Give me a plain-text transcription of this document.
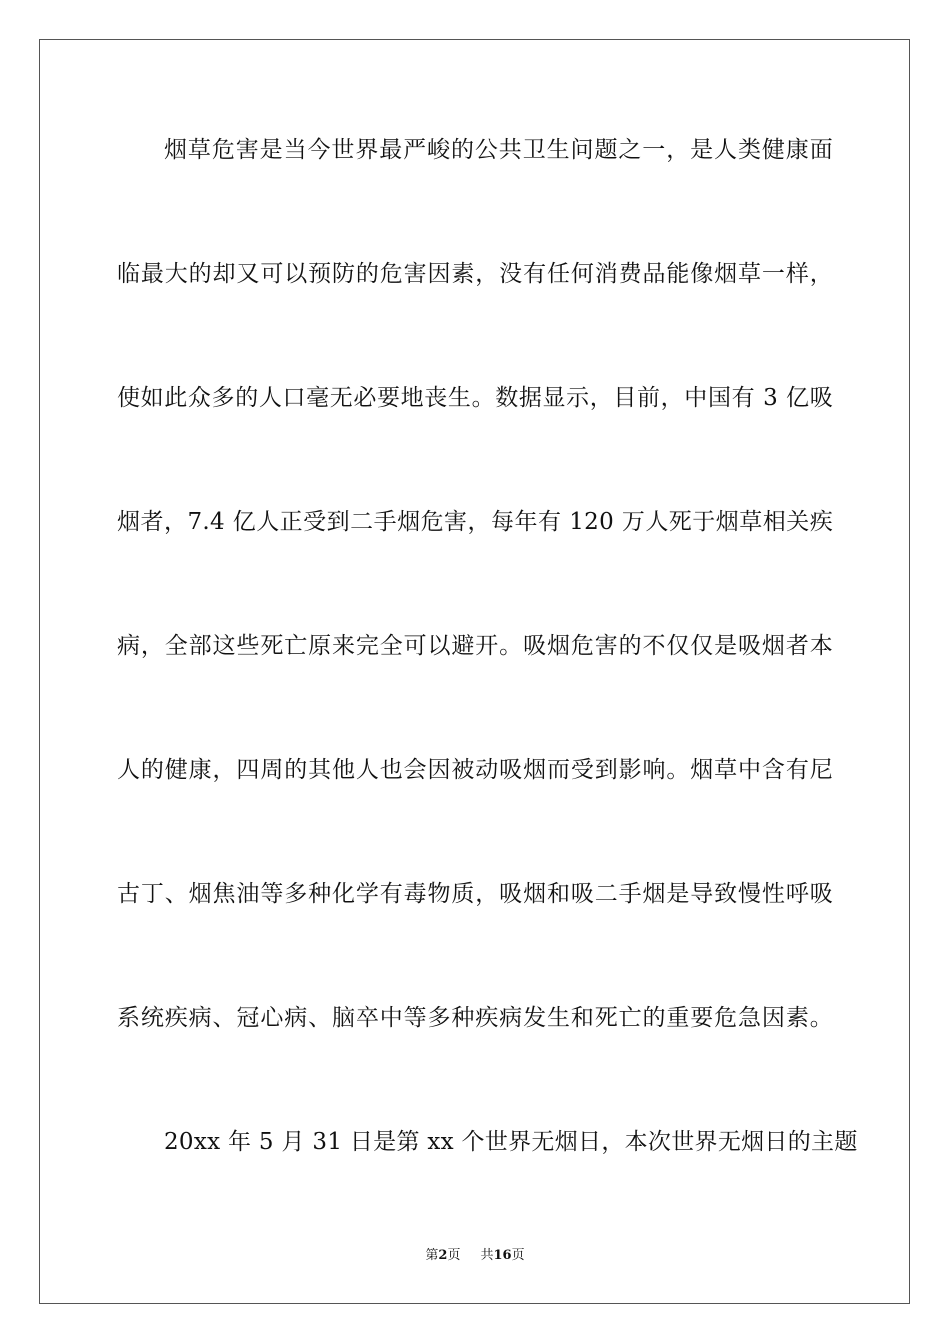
烟草危害是当今世界最严峻的公共卫生问题之一，是人类健康面
临最大的却又可以预防的危害因素，没有任何消费品能像烟草一样，
使如此众多的人口毫无必要地丧生。数据显示，目前，中国有 3 亿吸
烟者，7.4 亿人正受到二手烟危害，每年有 120 万人死于烟草相关疾
病，全部这些死亡原来完全可以避开。吸烟危害的不仅仅是吸烟者本
人的健康，四周的其他人也会因被动吸烟而受到影响。烟草中含有尼
古丁、烟焦油等多种化学有毒物质，吸烟和吸二手烟是导致慢性呼吸
系统疾病、冠心病、脑卒中等多种疾病发生和死亡的重要危急因素。
20xx 年 5 月 31 日是第 xx 个世界无烟日，本次世界无烟日的主题
第2页 共16页
